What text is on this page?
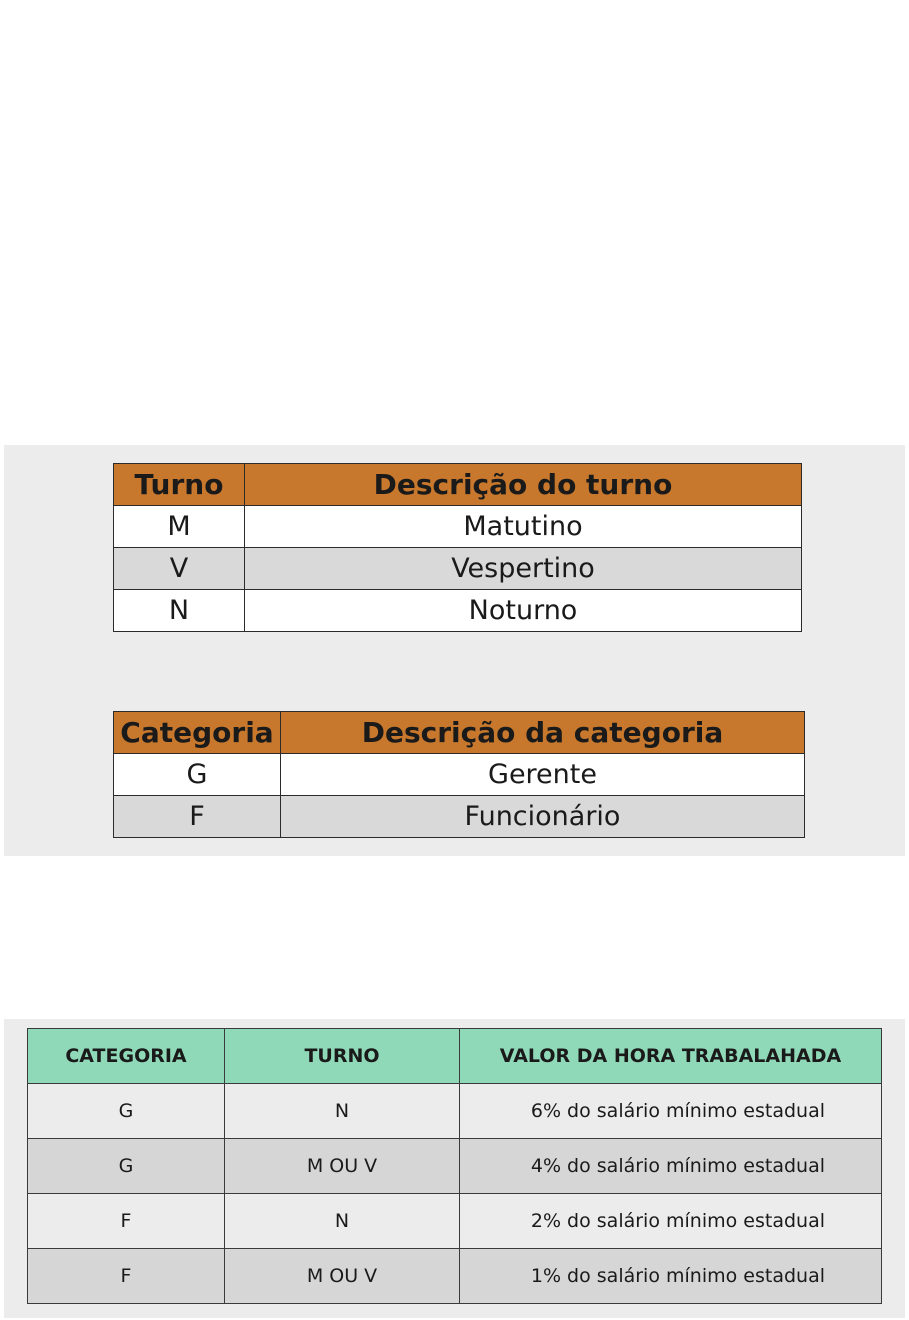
Turno	Descrição do turno
M	Matutino
V	Vespertino
N	Noturno
Categoria	Descrição da categoria
G	Gerente
F	Funcionário
CATEGORIA	TURNO	VALOR DA HORA TRABALAHADA
G	N	6% do salário mínimo estadual
G	M OU V	4% do salário mínimo estadual
F	N	2% do salário mínimo estadual
F	M OU V	1% do salário mínimo estadual
